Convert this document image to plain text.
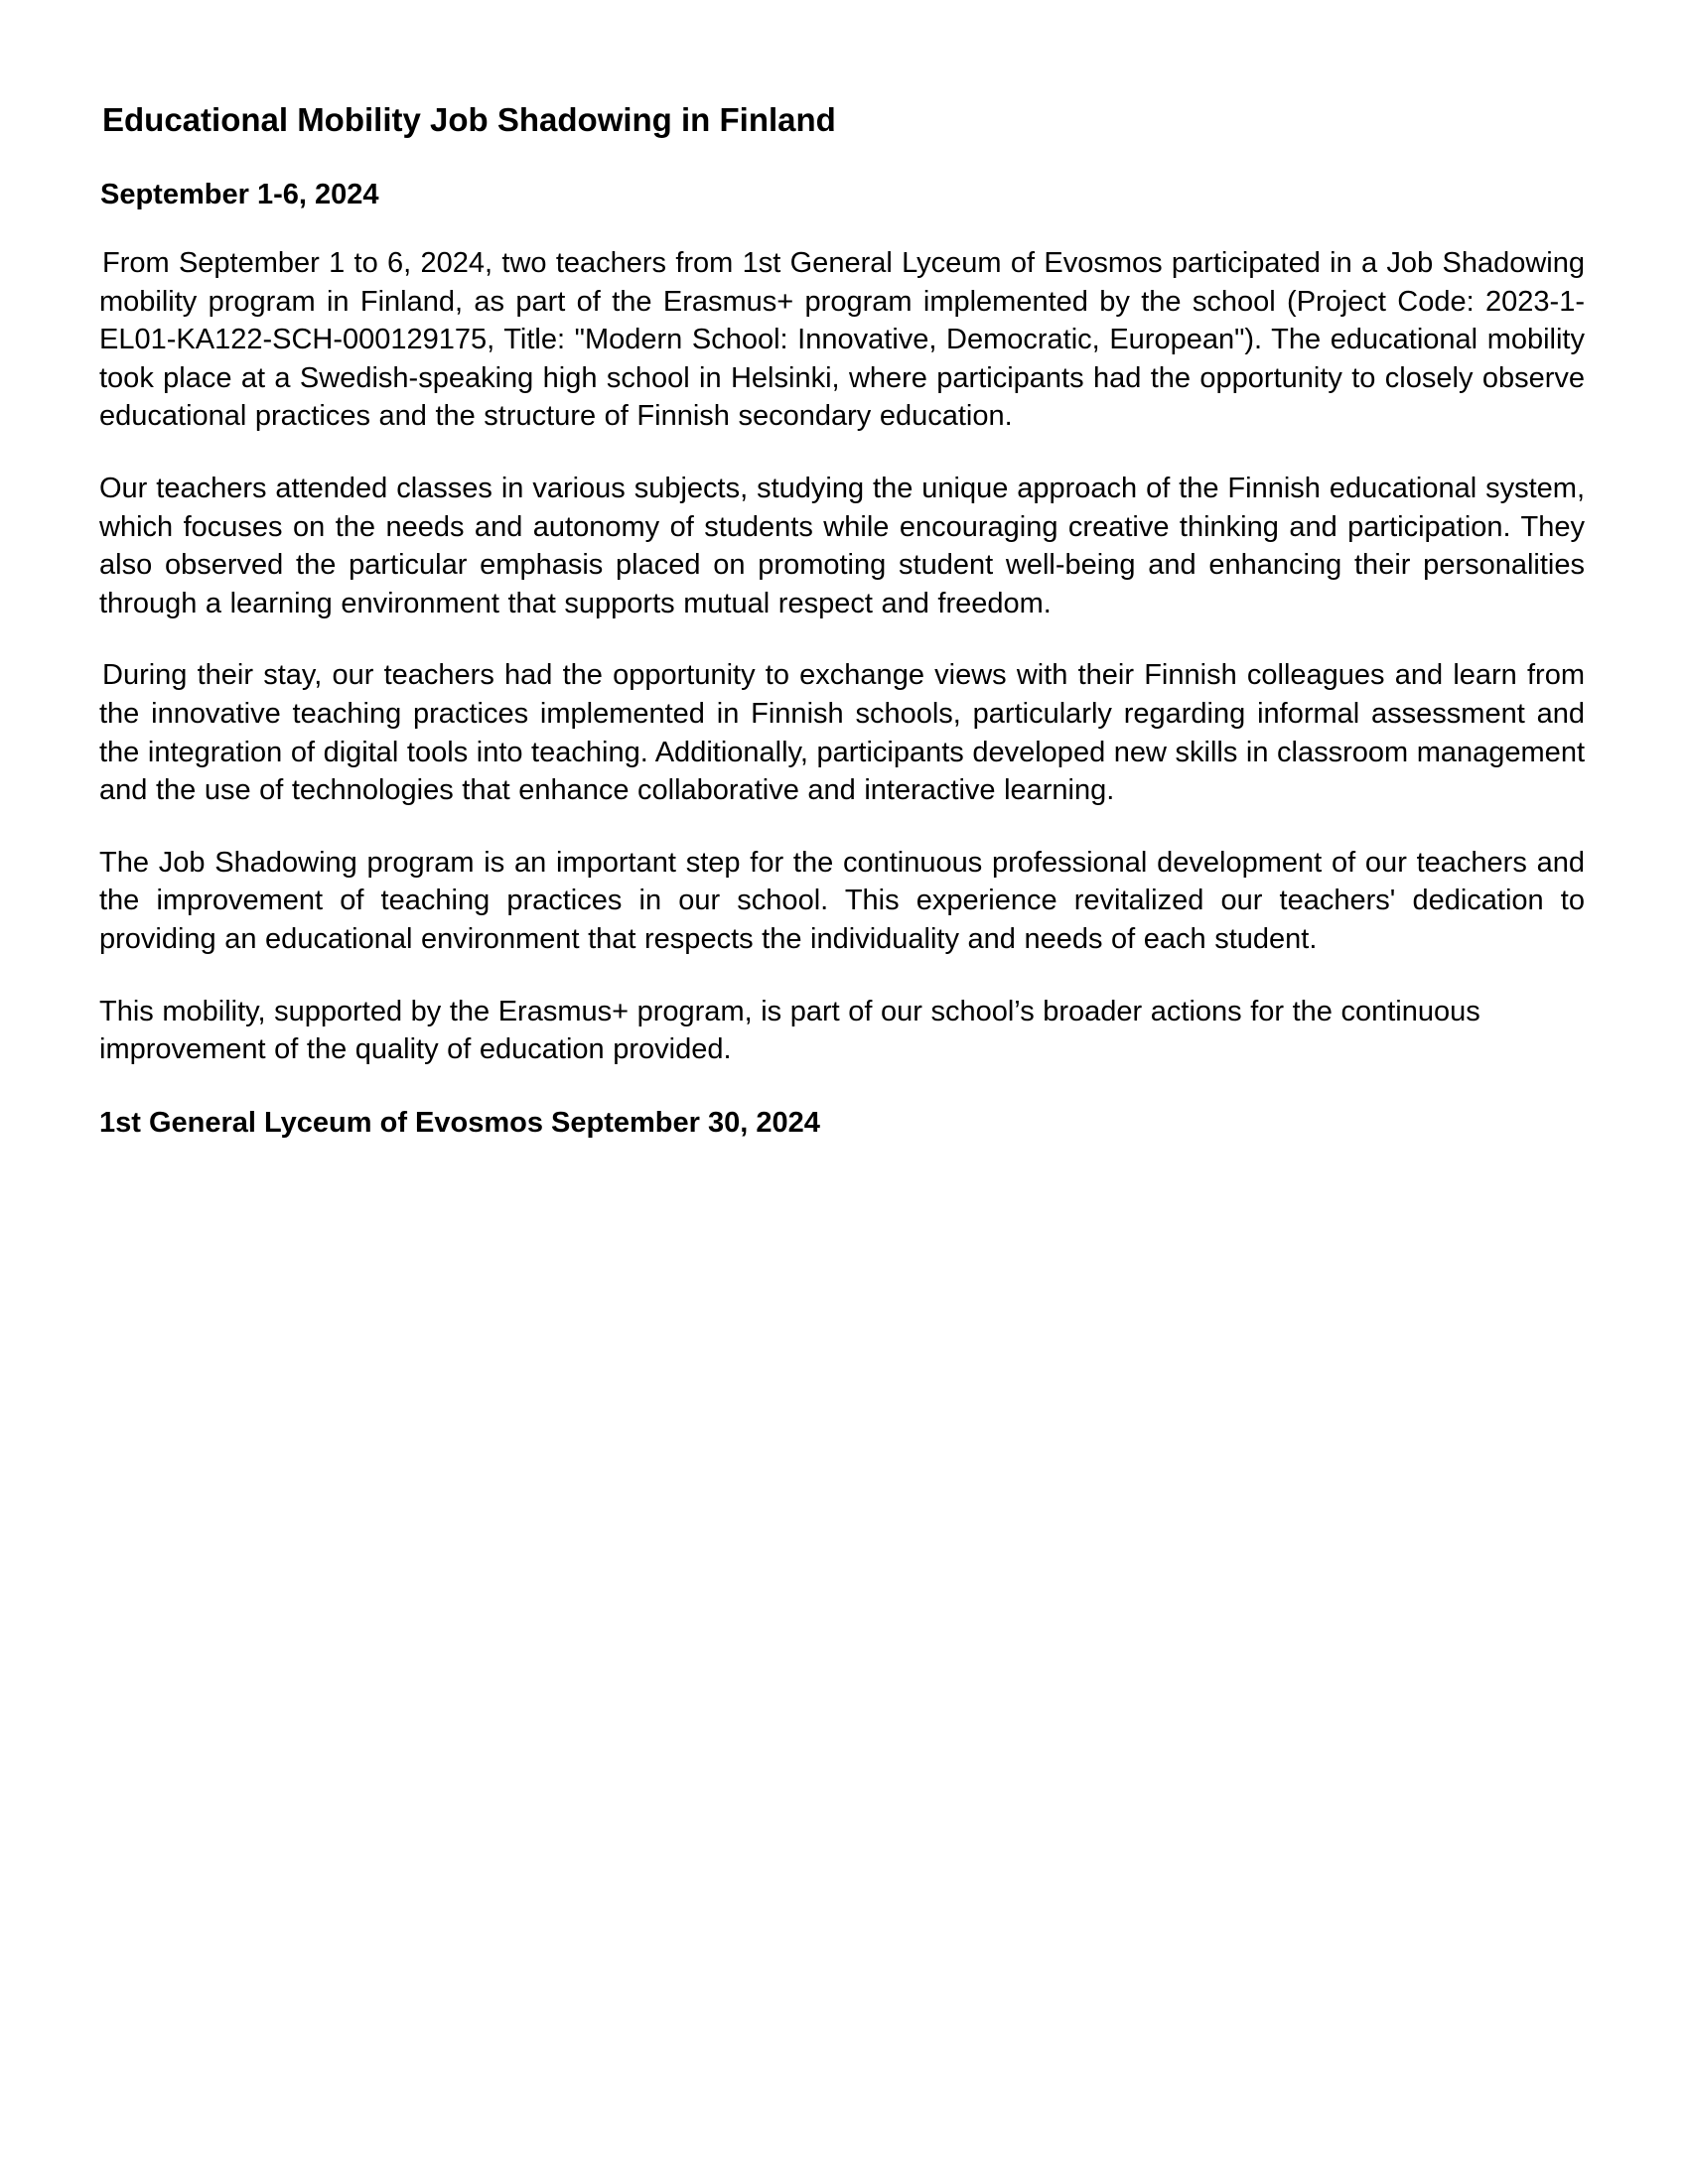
Educational Mobility Job Shadowing in Finland

September 1-6, 2024

From September 1 to 6, 2024, two teachers from 1st General Lyceum of Evosmos participated in a Job Shadowing mobility program in Finland, as part of the Erasmus+ program implemented by the school (Project Code: 2023-1-EL01-KA122-SCH-000129175, Title: "Modern School: Innovative, Democratic, European"). The educational mobility took place at a Swedish-speaking high school in Helsinki, where participants had the opportunity to closely observe educational practices and the structure of Finnish secondary education.

Our teachers attended classes in various subjects, studying the unique approach of the Finnish educational system, which focuses on the needs and autonomy of students while encouraging creative thinking and participation. They also observed the particular emphasis placed on promoting student well-being and enhancing their personalities through a learning environment that supports mutual respect and freedom.

During their stay, our teachers had the opportunity to exchange views with their Finnish colleagues and learn from the innovative teaching practices implemented in Finnish schools, particularly regarding informal assessment and the integration of digital tools into teaching. Additionally, participants developed new skills in classroom management and the use of technologies that enhance collaborative and interactive learning.

The Job Shadowing program is an important step for the continuous professional development of our teachers and the improvement of teaching practices in our school. This experience revitalized our teachers' dedication to providing an educational environment that respects the individuality and needs of each student.

This mobility, supported by the Erasmus+ program, is part of our school’s broader actions for the continuous improvement of the quality of education provided.

1st General Lyceum of Evosmos September 30, 2024
